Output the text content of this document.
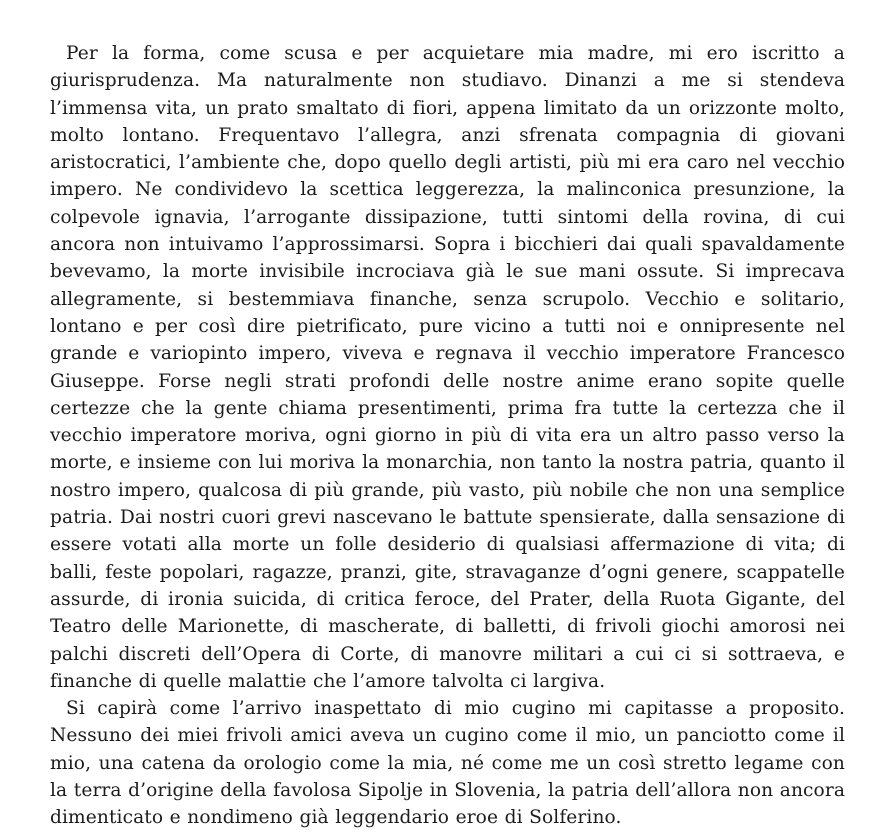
Per la forma, come scusa e per acquietare mia madre, mi ero iscritto a giurisprudenza. Ma naturalmente non studiavo. Dinanzi a me si stendeva l’immensa vita, un prato smaltato di fiori, appena limitato da un orizzonte molto, molto lontano. Frequentavo l’allegra, anzi sfrenata compagnia di giovani aristocratici, l’ambiente che, dopo quello degli artisti, più mi era caro nel vecchio impero. Ne condividevo la scettica leggerezza, la malinconica presunzione, la colpevole ignavia, l’arrogante dissipazione, tutti sintomi della rovina, di cui ancora non intuivamo l’approssimarsi. Sopra i bicchieri dai quali spavaldamente bevevamo, la morte invisibile incrociava già le sue mani ossute. Si imprecava allegramente, si bestemmiava finanche, senza scrupolo. Vecchio e solitario, lontano e per così dire pietrificato, pure vicino a tutti noi e onnipresente nel grande e variopinto impero, viveva e regnava il vecchio imperatore Francesco Giuseppe. Forse negli strati profondi delle nostre anime erano sopite quelle certezze che la gente chiama presentimenti, prima fra tutte la certezza che il vecchio imperatore moriva, ogni giorno in più di vita era un altro passo verso la morte, e insieme con lui moriva la monarchia, non tanto la nostra patria, quanto il nostro impero, qualcosa di più grande, più vasto, più nobile che non una semplice patria. Dai nostri cuori grevi nascevano le battute spensierate, dalla sensazione di essere votati alla morte un folle desiderio di qualsiasi affermazione di vita; di balli, feste popolari, ragazze, pranzi, gite, stravaganze d’ogni genere, scappatelle assurde, di ironia suicida, di critica feroce, del Prater, della Ruota Gigante, del Teatro delle Marionette, di mascherate, di balletti, di frivoli giochi amorosi nei palchi discreti dell’Opera di Corte, di manovre militari a cui ci si sottraeva, e finanche di quelle malattie che l’amore talvolta ci largiva.

Si capirà come l’arrivo inaspettato di mio cugino mi capitasse a proposito. Nessuno dei miei frivoli amici aveva un cugino come il mio, un panciotto come il mio, una catena da orologio come la mia, né come me un così stretto legame con la terra d’origine della favolosa Sipolje in Slovenia, la patria dell’allora non ancora dimenticato e nondimeno già leggendario eroe di Solferino.
